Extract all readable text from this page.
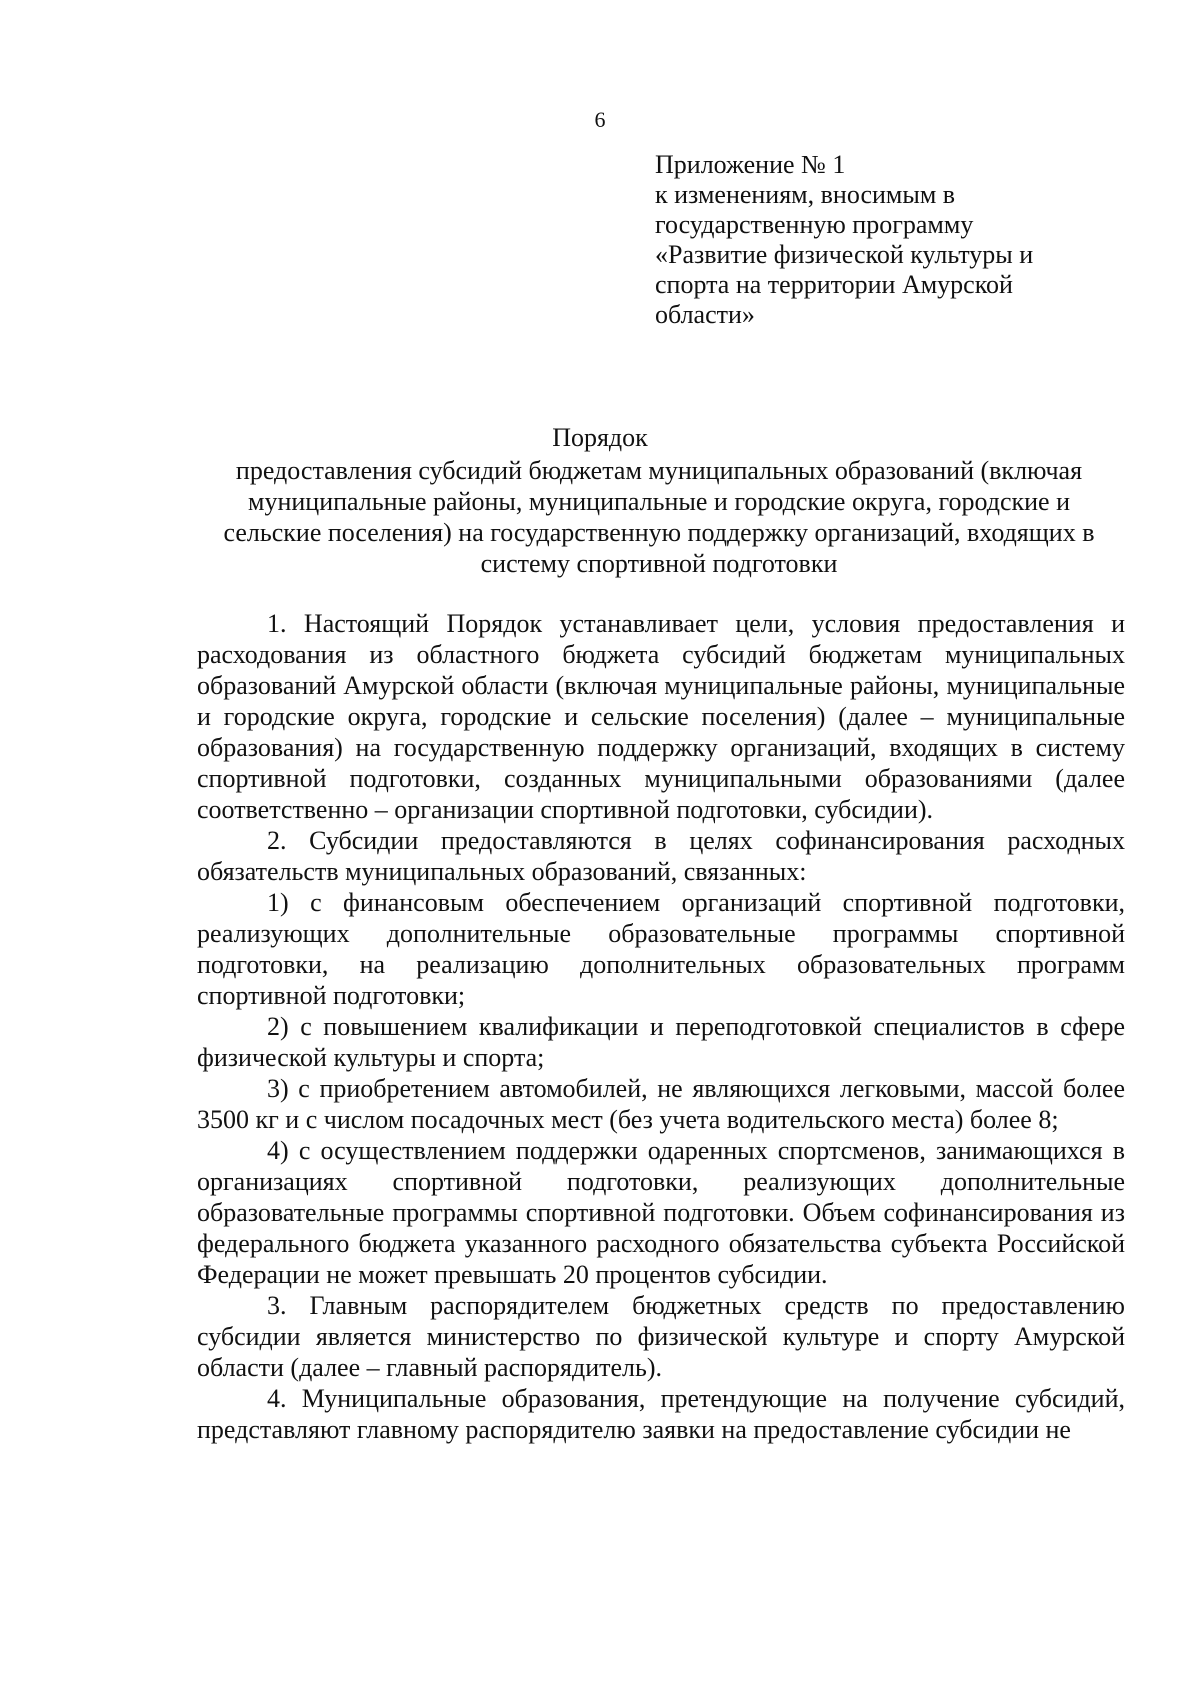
6
Приложение № 1
к изменениям, вносимым в
государственную программу
«Развитие физической культуры и
спорта на территории Амурской
области»
Порядок
предоставления субсидий бюджетам муниципальных образований (включая
муниципальные районы, муниципальные и городские округа, городские и
сельские поселения) на государственную поддержку организаций, входящих в
систему спортивной подготовки

1. Настоящий Порядок устанавливает цели, условия предоставления и расходования из областного бюджета субсидий бюджетам муниципальных образований Амурской области (включая муниципальные районы, муниципальные и городские округа, городские и сельские поселения) (далее – муниципальные образования) на государственную поддержку организаций, входящих в систему спортивной подготовки, созданных муниципальными образованиями (далее соответственно – организации спортивной подготовки, субсидии).

2. Субсидии предоставляются в целях софинансирования расходных обязательств муниципальных образований, связанных:

1) с финансовым обеспечением организаций спортивной подготовки, реализующих дополнительные образовательные программы спортивной подготовки, на реализацию дополнительных образовательных программ спортивной подготовки;

2) с повышением квалификации и переподготовкой специалистов в сфере физической культуры и спорта;

3) с приобретением автомобилей, не являющихся легковыми, массой более 3500 кг и с числом посадочных мест (без учета водительского места) более 8;

4) с осуществлением поддержки одаренных спортсменов, занимающихся в организациях спортивной подготовки, реализующих дополнительные образовательные программы спортивной подготовки. Объем софинансирования из федерального бюджета указанного расходного обязательства субъекта Российской Федерации не может превышать 20 процентов субсидии.

3. Главным распорядителем бюджетных средств по предоставлению субсидии является министерство по физической культуре и спорту Амурской области (далее – главный распорядитель).

4. Муниципальные образования, претендующие на получение субсидий, представляют главному распорядителю заявки на предоставление субсидии не
